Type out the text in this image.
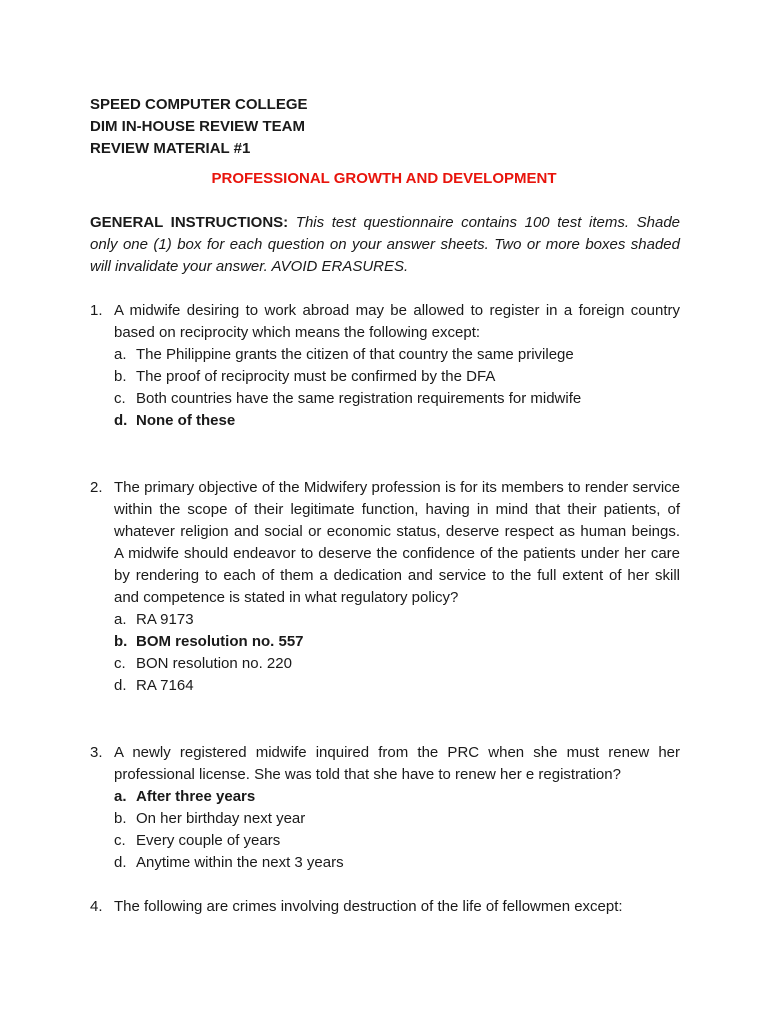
SPEED COMPUTER COLLEGE
DIM IN-HOUSE REVIEW TEAM
REVIEW MATERIAL #1
PROFESSIONAL GROWTH AND DEVELOPMENT
GENERAL INSTRUCTIONS: This test questionnaire contains 100 test items. Shade only one (1) box for each question on your answer sheets. Two or more boxes shaded will invalidate your answer. AVOID ERASURES.
1. A midwife desiring to work abroad may be allowed to register in a foreign country based on reciprocity which means the following except:
a. The Philippine grants the citizen of that country the same privilege
b. The proof of reciprocity must be confirmed by the DFA
c. Both countries have the same registration requirements for midwife
d. None of these
2. The primary objective of the Midwifery profession is for its members to render service within the scope of their legitimate function, having in mind that their patients, of whatever religion and social or economic status, deserve respect as human beings. A midwife should endeavor to deserve the confidence of the patients under her care by rendering to each of them a dedication and service to the full extent of her skill and competence is stated in what regulatory policy?
a. RA 9173
b. BOM resolution no. 557
c. BON resolution no. 220
d. RA 7164
3. A newly registered midwife inquired from the PRC when she must renew her professional license. She was told that she have to renew her e registration?
a. After three years
b. On her birthday next year
c. Every couple of years
d. Anytime within the next 3 years
4. The following are crimes involving destruction of the life of fellowmen except:
